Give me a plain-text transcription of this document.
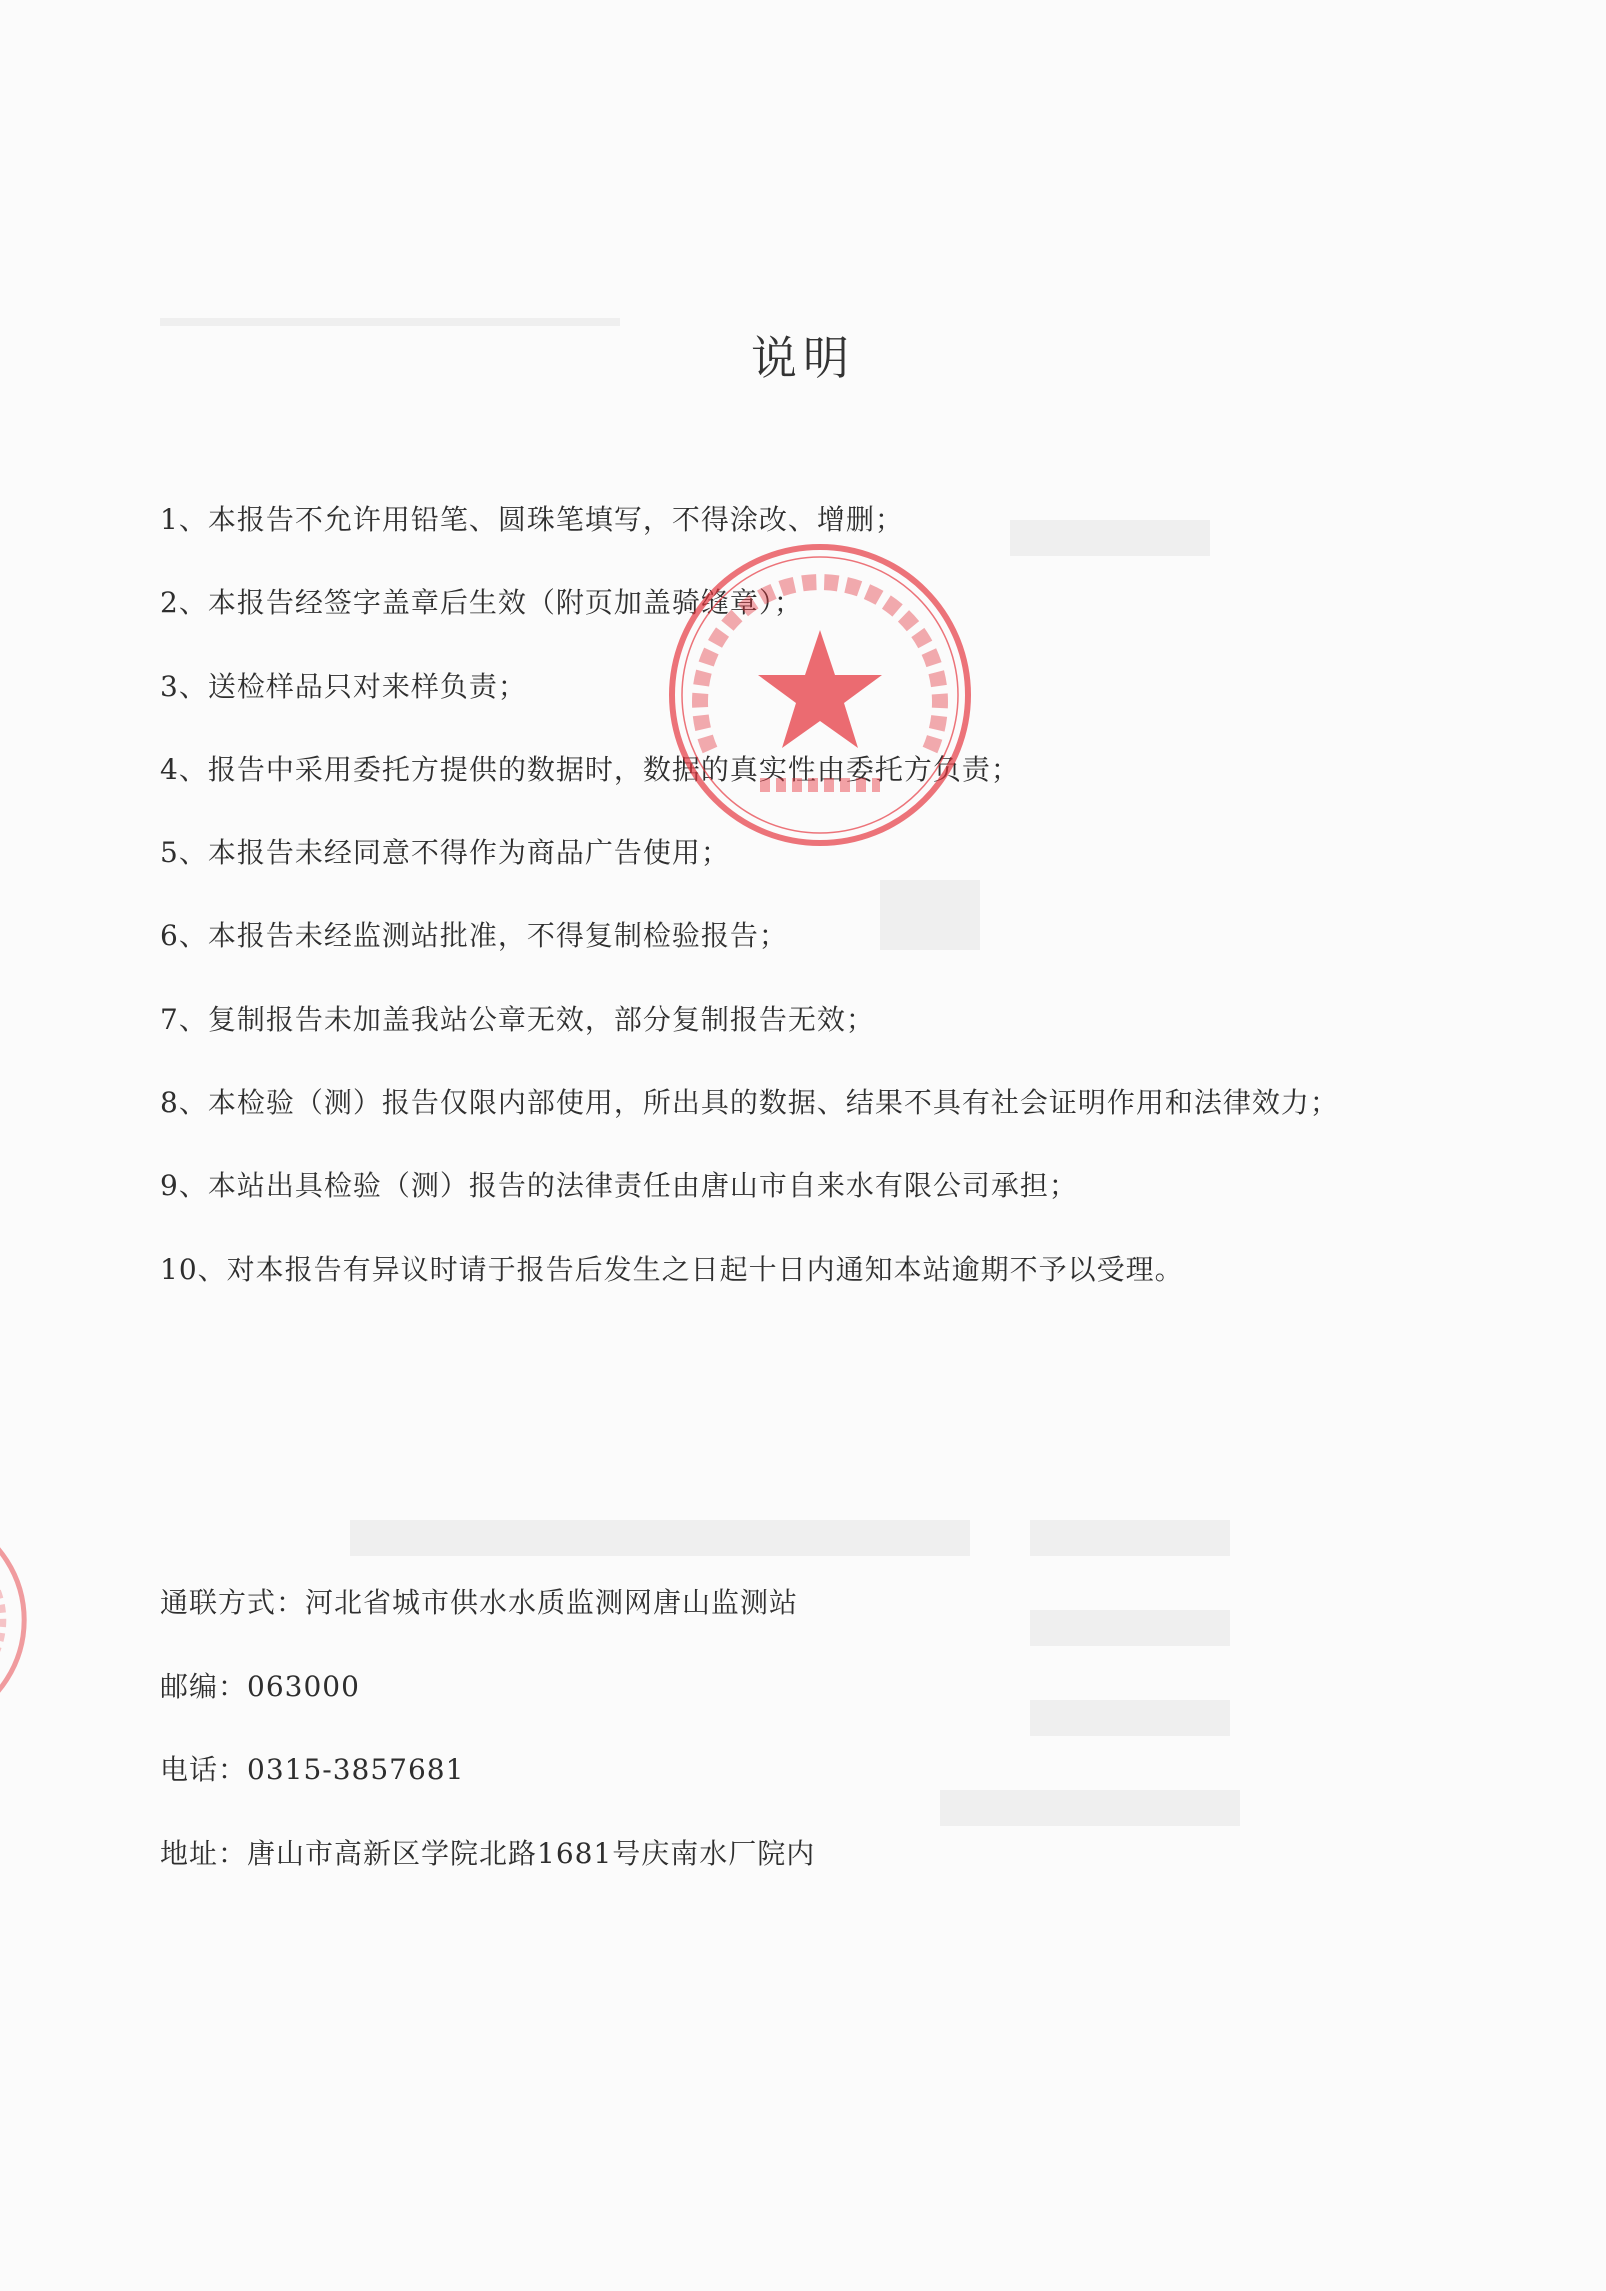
说明
1、本报告不允许用铅笔、圆珠笔填写，不得涂改、增删；
2、本报告经签字盖章后生效（附页加盖骑缝章）；
3、送检样品只对来样负责；
4、报告中采用委托方提供的数据时，数据的真实性由委托方负责；
5、本报告未经同意不得作为商品广告使用；
6、本报告未经监测站批准，不得复制检验报告；
7、复制报告未加盖我站公章无效，部分复制报告无效；
8、本检验（测）报告仅限内部使用，所出具的数据、结果不具有社会证明作用和法律效力；
9、本站出具检验（测）报告的法律责任由唐山市自来水有限公司承担；
10、对本报告有异议时请于报告后发生之日起十日内通知本站逾期不予以受理。
通联方式：河北省城市供水水质监测网唐山监测站
邮编：063000
电话：0315-3857681
地址：唐山市高新区学院北路1681号庆南水厂院内
